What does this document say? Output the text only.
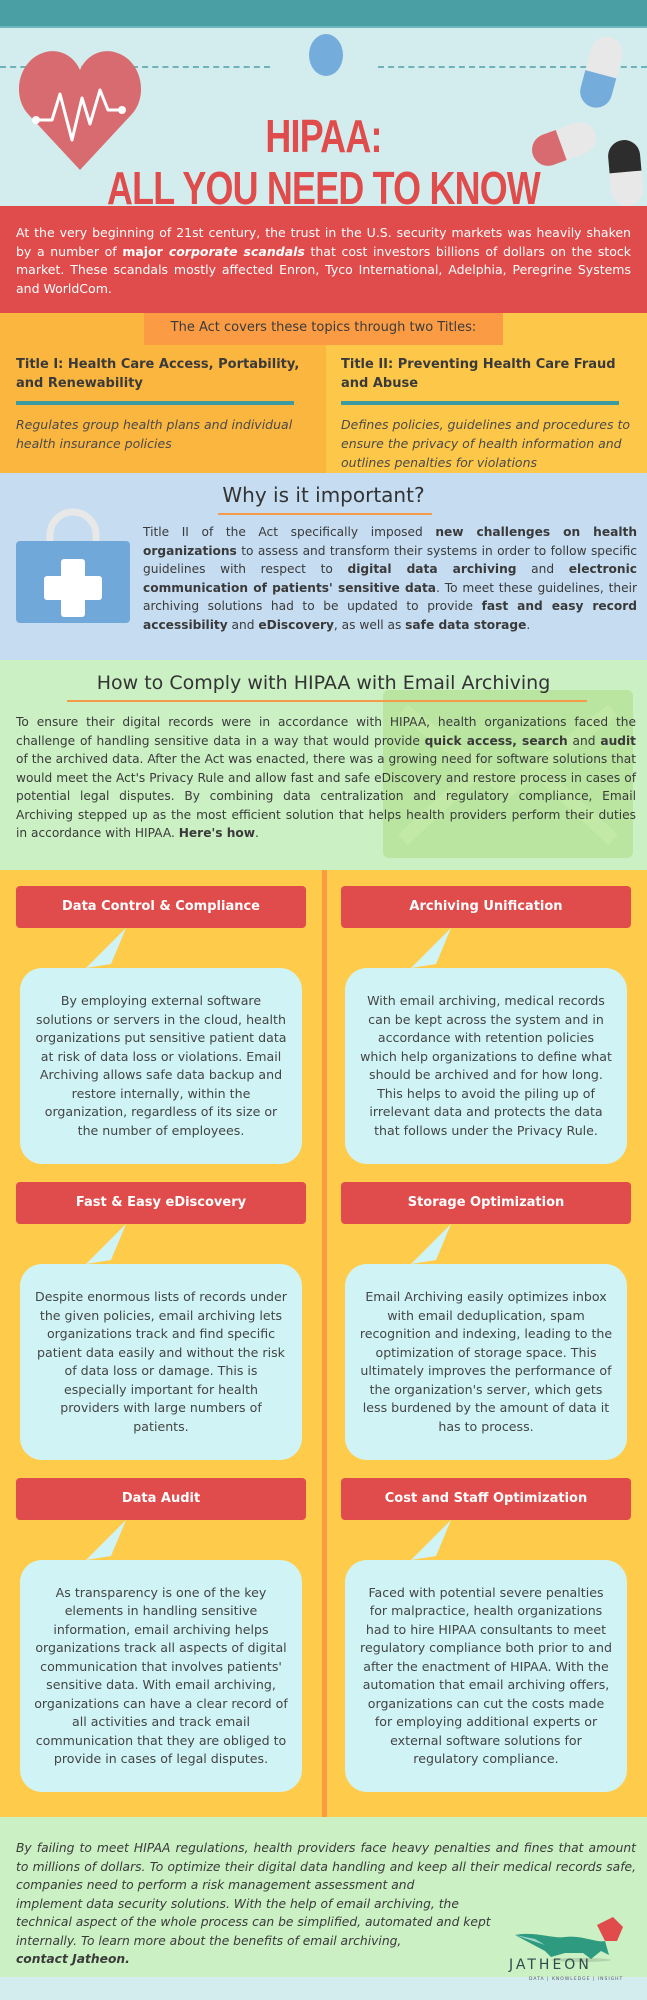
HIPAA:
ALL YOU NEED TO KNOW
At the very beginning of 21st century, the trust in the U.S. security markets was heavily shaken by a number of major corporate scandals that cost investors billions of dollars on the stock market. These scandals mostly affected Enron, Tyco International, Adelphia, Peregrine Systems and WorldCom.
The Act covers these topics through two Titles:
Title I: Health Care Access, Portability, and Renewability

Regulates group health plans and individual health insurance policies

Title II: Preventing Health Care Fraud and Abuse

Defines policies, guidelines and procedures to ensure the privacy of health information and outlines penalties for violations

Why is it important?

Title II of the Act specifically imposed new challenges on health organizations to assess and transform their systems in order to follow specific guidelines with respect to digital data archiving and electronic communication of patients' sensitive data. To meet these guidelines, their archiving solutions had to be updated to provide fast and easy record accessibility and eDiscovery, as well as safe data storage.

How to Comply with HIPAA with Email Archiving

To ensure their digital records were in accordance with HIPAA, health organizations faced the challenge of handling sensitive data in a way that would provide quick access, search and audit of the archived data. After the Act was enacted, there was a growing need for software solutions that would meet the Act's Privacy Rule and allow fast and safe eDiscovery and restore process in cases of potential legal disputes. By combining data centralization and regulatory compliance, Email Archiving stepped up as the most efficient solution that helps health providers perform their duties in accordance with HIPAA. Here's how.

Data Control & Compliance
By employing external software solutions or servers in the cloud, health organizations put sensitive patient data at risk of data loss or violations. Email Archiving allows safe data backup and restore internally, within the organization, regardless of its size or the number of employees.
Archiving Unification
With email archiving, medical records can be kept across the system and in accordance with retention policies which help organizations to define what should be archived and for how long. This helps to avoid the piling up of irrelevant data and protects the data that follows under the Privacy Rule.
Fast & Easy eDiscovery
Despite enormous lists of records under the given policies, email archiving lets organizations track and find specific patient data easily and without the risk of data loss or damage. This is especially important for health providers with large numbers of patients.
Storage Optimization
Email Archiving easily optimizes inbox with email deduplication, spam recognition and indexing, leading to the optimization of storage space. This ultimately improves the performance of the organization's server, which gets less burdened by the amount of data it has to process.
Data Audit
As transparency is one of the key elements in handling sensitive information, email archiving helps organizations track all aspects of digital communication that involves patients' sensitive data. With email archiving, organizations can have a clear record of all activities and track email communication that they are obliged to provide in cases of legal disputes.
Cost and Staff Optimization
Faced with potential severe penalties for malpractice, health organizations had to hire HIPAA consultants to meet regulatory compliance both prior to and after the enactment of HIPAA. With the automation that email archiving offers, organizations can cut the costs made for employing additional experts or external software solutions for regulatory compliance.

By failing to meet HIPAA regulations, health providers face heavy penalties and fines that amount to millions of dollars. To optimize their digital data handling and keep all their medical records safe, companies need to perform a risk management assessment and
implement data security solutions. With the help of email archiving, the technical aspect of the whole process can be simplified, automated and kept internally. To learn more about the benefits of email archiving,
contact Jatheon.	JATHEON
DATA | KNOWLEDGE | INSIGHT
